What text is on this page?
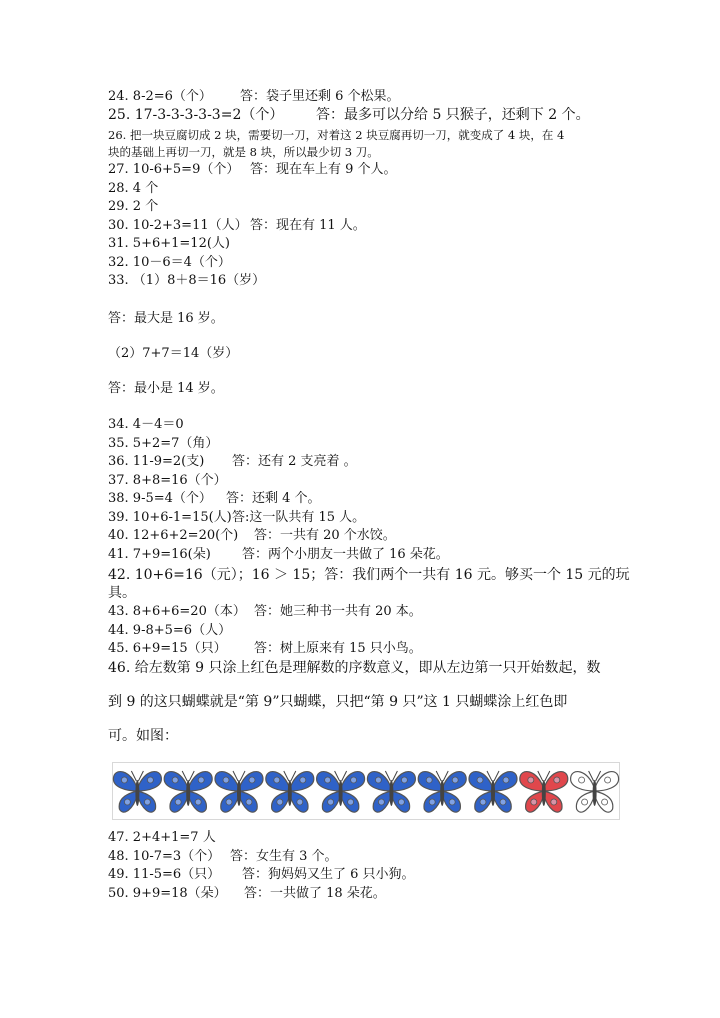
24. 8-2=6（个） 答：袋子里还剩 6 个松果。
25. 17-3-3-3-3-3=2（个） 答：最多可以分给 5 只猴子，还剩下 2 个。
26. 把一块豆腐切成 2 块，需要切一刀，对着这 2 块豆腐再切一刀，就变成了 4 块，在 4
块的基础上再切一刀，就是 8 块，所以最少切 3 刀。
27. 10-6+5=9（个） 答：现在车上有 9 个人。
28. 4 个
29. 2 个
30. 10-2+3=11（人） 答：现在有 11 人。
31. 5+6+1=12(人)
32. 10－6＝4（个）
33. （1）8＋8＝16（岁）
答：最大是 16 岁。
（2）7+7＝14（岁）
答：最小是 14 岁。
34. 4－4＝0
35. 5+2=7（角）
36. 11-9=2(支) 答：还有 2 支亮着 。
37. 8+8=16（个）
38. 9-5=4（个） 答：还剩 4 个。
39. 10+6-1=15(人)答:这一队共有 15 人。
40. 12+6+2=20(个) 答：一共有 20 个水饺。
41. 7+9=16(朵) 答：两个小朋友一共做了 16 朵花。
42. 10+6=16（元）；16 ＞ 15；答：我们两个一共有 16 元。够买一个 15 元的玩
具。
43. 8+6+6=20（本） 答：她三种书一共有 20 本。
44. 9-8+5=6（人）
45. 6+9=15（只） 答：树上原来有 15 只小鸟。
46. 给左数第 9 只涂上红色是理解数的序数意义，即从左边第一只开始数起，数
到 9 的这只蝴蝶就是“第 9”只蝴蝶，只把“第 9 只”这 1 只蝴蝶涂上红色即
可。如图：
47. 2+4+1=7 人
48. 10-7=3（个） 答：女生有 3 个。
49. 11-5=6（只） 答：狗妈妈又生了 6 只小狗。
50. 9+9=18（朵） 答：一共做了 18 朵花。
